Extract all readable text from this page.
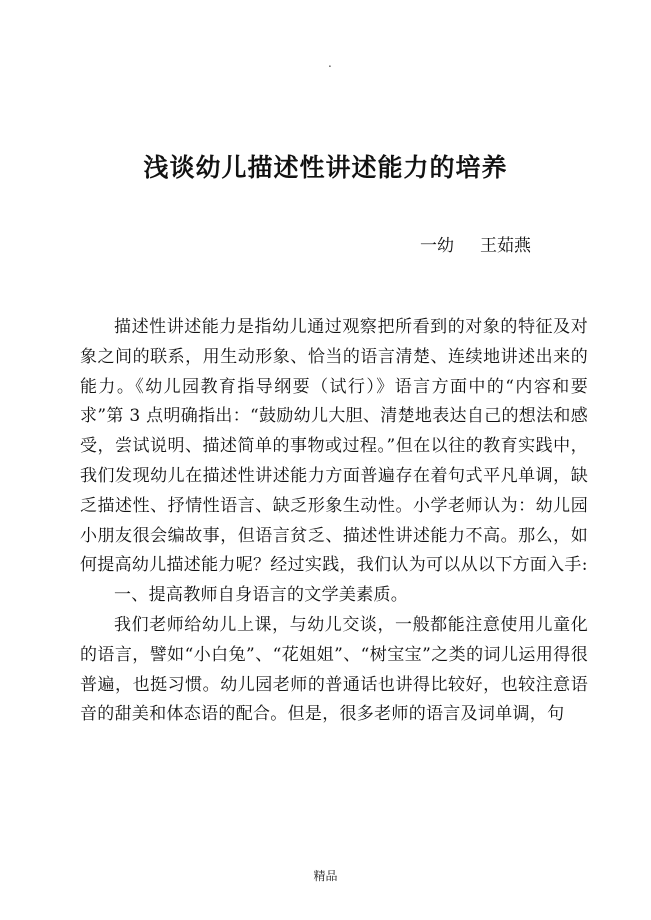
.
浅谈幼儿描述性讲述能力的培养
一幼 王茹燕

描述性讲述能力是指幼儿通过观察把所看到的对象的特征及对象之间的联系，用生动形象、恰当的语言清楚、连续地讲述出来的能力。《幼儿园教育指导纲要（试行）》语言方面中的“内容和要求”第 3 点明确指出：“鼓励幼儿大胆、清楚地表达自己的想法和感受，尝试说明、描述简单的事物或过程。”但在以往的教育实践中，我们发现幼儿在描述性讲述能力方面普遍存在着句式平凡单调，缺乏描述性、抒情性语言、缺乏形象生动性。小学老师认为：幼儿园小朋友很会编故事，但语言贫乏、描述性讲述能力不高。那么，如何提高幼儿描述能力呢？经过实践，我们认为可以从以下方面入手:

一、提高教师自身语言的文学美素质。

我们老师给幼儿上课，与幼儿交谈，一般都能注意使用儿童化的语言，譬如“小白兔”、“花姐姐”、“树宝宝”之类的词儿运用得很普遍，也挺习惯。幼儿园老师的普通话也讲得比较好，也较注意语音的甜美和体态语的配合。但是，很多老师的语言及词单调，句

精品
